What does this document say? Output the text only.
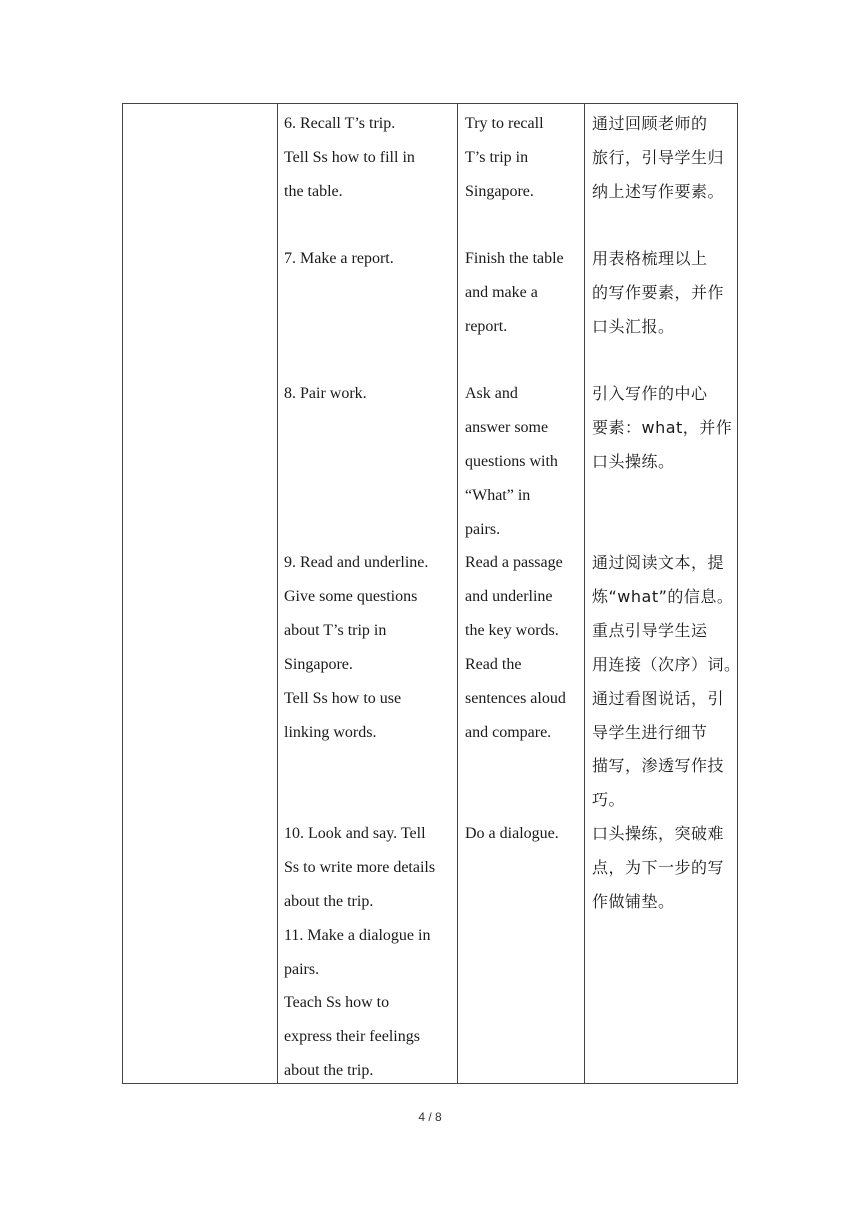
6. Recall T’s trip.
Tell Ss how to fill in
the table.
7. Make a report.
8. Pair work.
9. Read and underline.
Give some questions
about T’s trip in
Singapore.
Tell Ss how to use
linking words.
10. Look and say. Tell
Ss to write more details
about the trip.
11. Make a dialogue in
pairs.
Teach Ss how to
express their feelings
about the trip.
Try to recall
T’s trip in
Singapore.
Finish the table
and make a
report.
Ask and
answer some
questions with
“What” in
pairs.
Read a passage
and underline
the key words.
Read the
sentences aloud
and compare.
Do a dialogue.
通过回顾老师的
旅行，引导学生归
纳上述写作要素。
用表格梳理以上
的写作要素，并作
口头汇报。
引入写作的中心
要素：what，并作
口头操练。
通过阅读文本，提
炼“what”的信息。
重点引导学生运
用连接（次序）词。
通过看图说话，引
导学生进行细节
描写，渗透写作技
巧。
口头操练，突破难
点，为下一步的写
作做铺垫。
4 / 8
